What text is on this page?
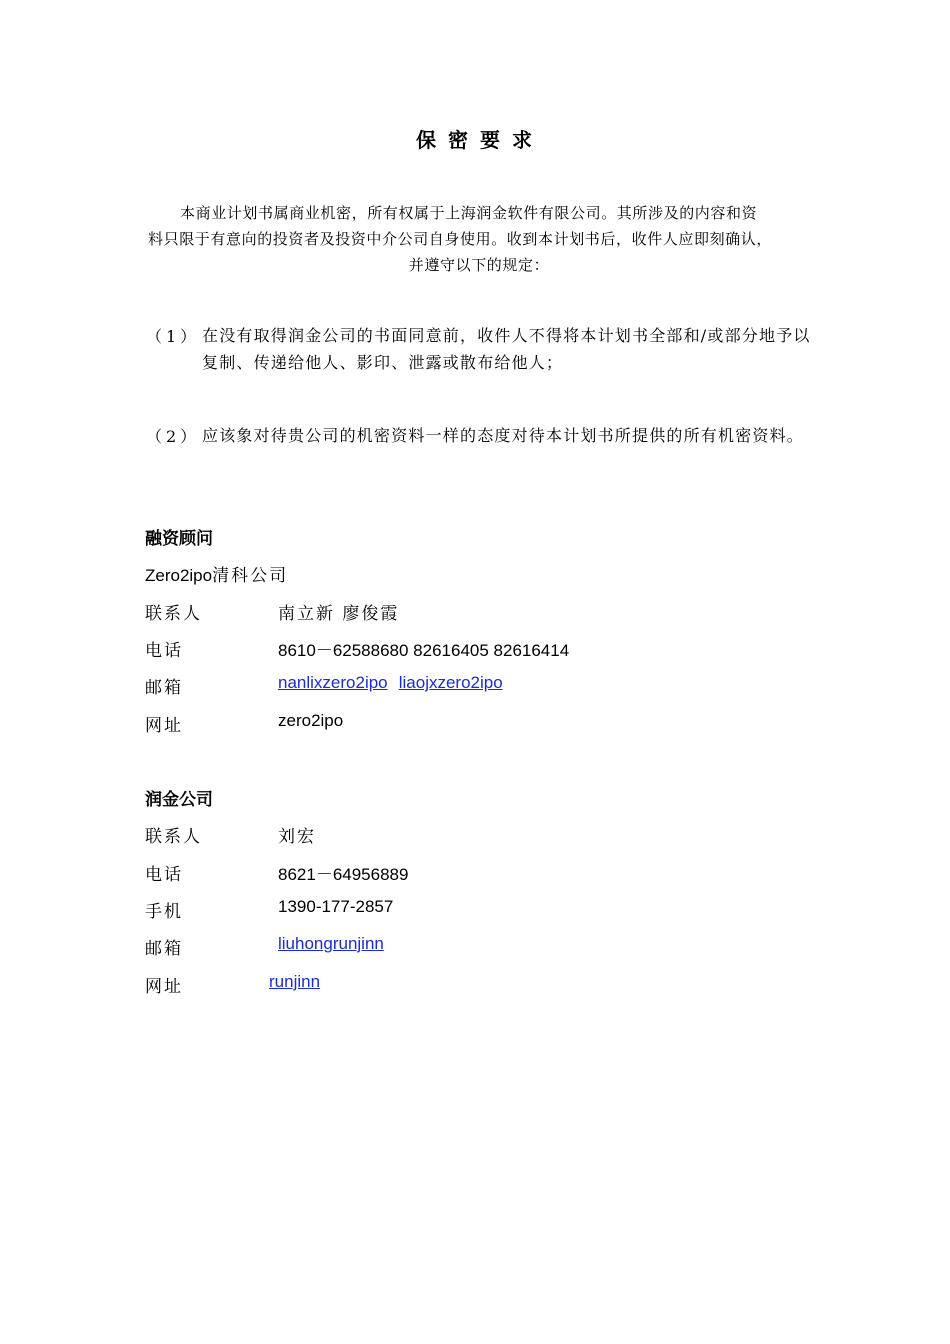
保密要求

本商业计划书属商业机密，所有权属于上海润金软件有限公司。其所涉及的内容和资

料只限于有意向的投资者及投资中介公司自身使用。收到本计划书后，收件人应即刻确认，

并遵守以下的规定：

（1） 在没有取得润金公司的书面同意前，收件人不得将本计划书全部和/或部分地予以复制、传递给他人、影印、泄露或散布给他人；
（2） 应该象对待贵公司的机密资料一样的态度对待本计划书所提供的所有机密资料。
融资顾问
Zero2ipo清科公司
联系人	南立新 廖俊霞
电话	8610－62588680 82616405 82616414
邮箱	nanlixzero2ipo liaojxzero2ipo
网址	zero2ipo
润金公司
联系人	刘宏
电话	8621－64956889
手机	1390-177-2857
邮箱	liuhongrunjinn
网址	runjinn
